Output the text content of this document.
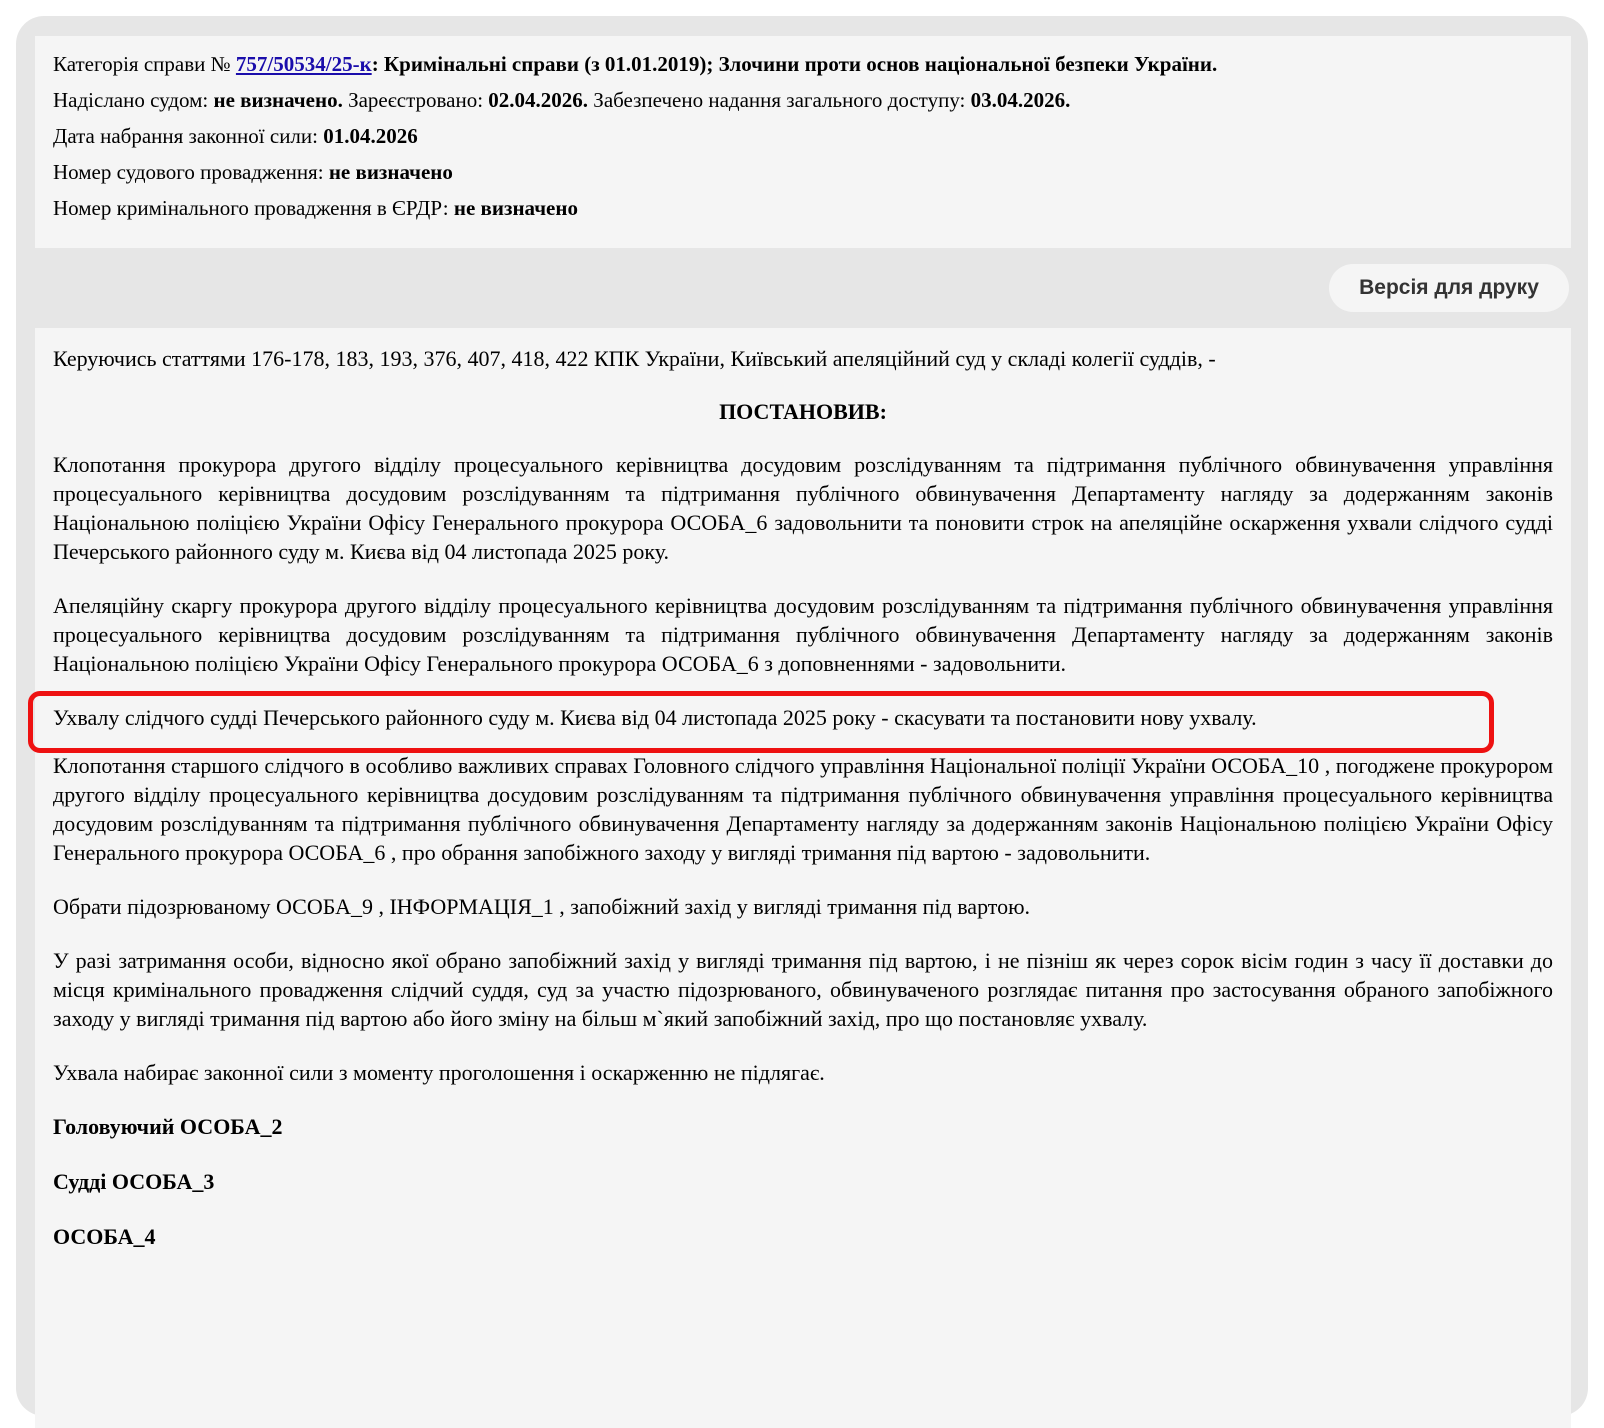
Категорія справи № 757/50534/25-к: Кримінальні справи (з 01.01.2019); Злочини проти основ національної безпеки України.
Надіслано судом: не визначено. Зареєстровано: 02.04.2026. Забезпечено надання загального доступу: 03.04.2026.
Дата набрання законної сили: 01.04.2026
Номер судового провадження: не визначено
Номер кримінального провадження в ЄРДР: не визначено
Версія для друку

Керуючись статтями 176-178, 183, 193, 376, 407, 418, 422 КПК України, Київський апеляційний суд у складі колегії суддів, -

ПОСТАНОВИВ:

Клопотання прокурора другого відділу процесуального керівництва досудовим розслідуванням та підтримання публічного обвинувачення управління процесуального керівництва досудовим розслідуванням та підтримання публічного обвинувачення Департаменту нагляду за додержанням законів Національною поліцією України Офісу Генерального прокурора ОСОБА_6 задовольнити та поновити строк на апеляційне оскарження ухвали слідчого судді Печерського районного суду м. Києва від 04 листопада 2025 року.

Апеляційну скаргу прокурора другого відділу процесуального керівництва досудовим розслідуванням та підтримання публічного обвинувачення управління процесуального керівництва досудовим розслідуванням та підтримання публічного обвинувачення Департаменту нагляду за додержанням законів Національною поліцією України Офісу Генерального прокурора ОСОБА_6 з доповненнями - задовольнити.

Ухвалу слідчого судді Печерського районного суду м. Києва від 04 листопада 2025 року - скасувати та постановити нову ухвалу.

Клопотання старшого слідчого в особливо важливих справах Головного слідчого управління Національної поліції України ОСОБА_10 , погоджене прокурором другого відділу процесуального керівництва досудовим розслідуванням та підтримання публічного обвинувачення управління процесуального керівництва досудовим розслідуванням та підтримання публічного обвинувачення Департаменту нагляду за додержанням законів Національною поліцією України Офісу Генерального прокурора ОСОБА_6 , про обрання запобіжного заходу у вигляді тримання під вартою - задовольнити.

Обрати підозрюваному ОСОБА_9 , ІНФОРМАЦІЯ_1 , запобіжний захід у вигляді тримання під вартою.

У разі затримання особи, відносно якої обрано запобіжний захід у вигляді тримання під вартою, і не пізніш як через сорок вісім годин з часу її доставки до місця кримінального провадження слідчий суддя, суд за участю підозрюваного, обвинуваченого розглядає питання про застосування обраного запобіжного заходу у вигляді тримання під вартою або його зміну на більш м`який запобіжний захід, про що постановляє ухвалу.

Ухвала набирає законної сили з моменту проголошення і оскарженню не підлягає.

Головуючий ОСОБА_2

Судді ОСОБА_3

ОСОБА_4
